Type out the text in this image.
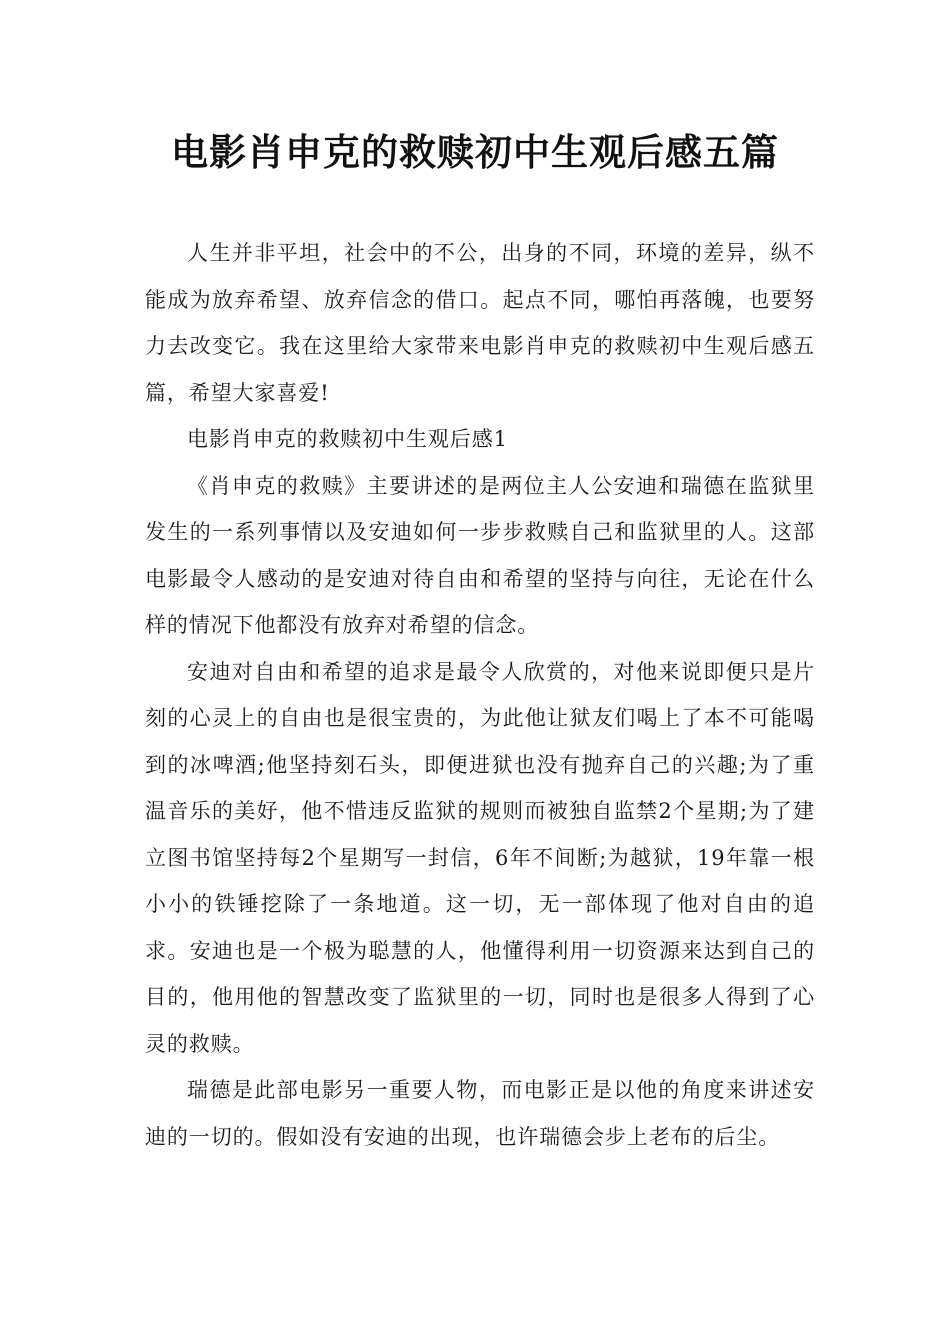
电影肖申克的救赎初中生观后感五篇

人生并非平坦，社会中的不公，出身的不同，环境的差异，纵不能成为放弃希望、放弃信念的借口。起点不同，哪怕再落魄，也要努力去改变它。我在这里给大家带来电影肖申克的救赎初中生观后感五篇，希望大家喜爱!

电影肖申克的救赎初中生观后感1

《肖申克的救赎》主要讲述的是两位主人公安迪和瑞德在监狱里发生的一系列事情以及安迪如何一步步救赎自己和监狱里的人。这部电影最令人感动的是安迪对待自由和希望的坚持与向往，无论在什么样的情况下他都没有放弃对希望的信念。

安迪对自由和希望的追求是最令人欣赏的，对他来说即便只是片刻的心灵上的自由也是很宝贵的，为此他让狱友们喝上了本不可能喝到的冰啤酒;他坚持刻石头，即便进狱也没有抛弃自己的兴趣;为了重温音乐的美好，他不惜违反监狱的规则而被独自监禁2个星期;为了建立图书馆坚持每2个星期写一封信，6年不间断;为越狱，19年靠一根小小的铁锤挖除了一条地道。这一切，无一部体现了他对自由的追求。安迪也是一个极为聪慧的人，他懂得利用一切资源来达到自己的目的，他用他的智慧改变了监狱里的一切，同时也是很多人得到了心灵的救赎。

瑞德是此部电影另一重要人物，而电影正是以他的角度来讲述安迪的一切的。假如没有安迪的出现，也许瑞德会步上老布的后尘。
